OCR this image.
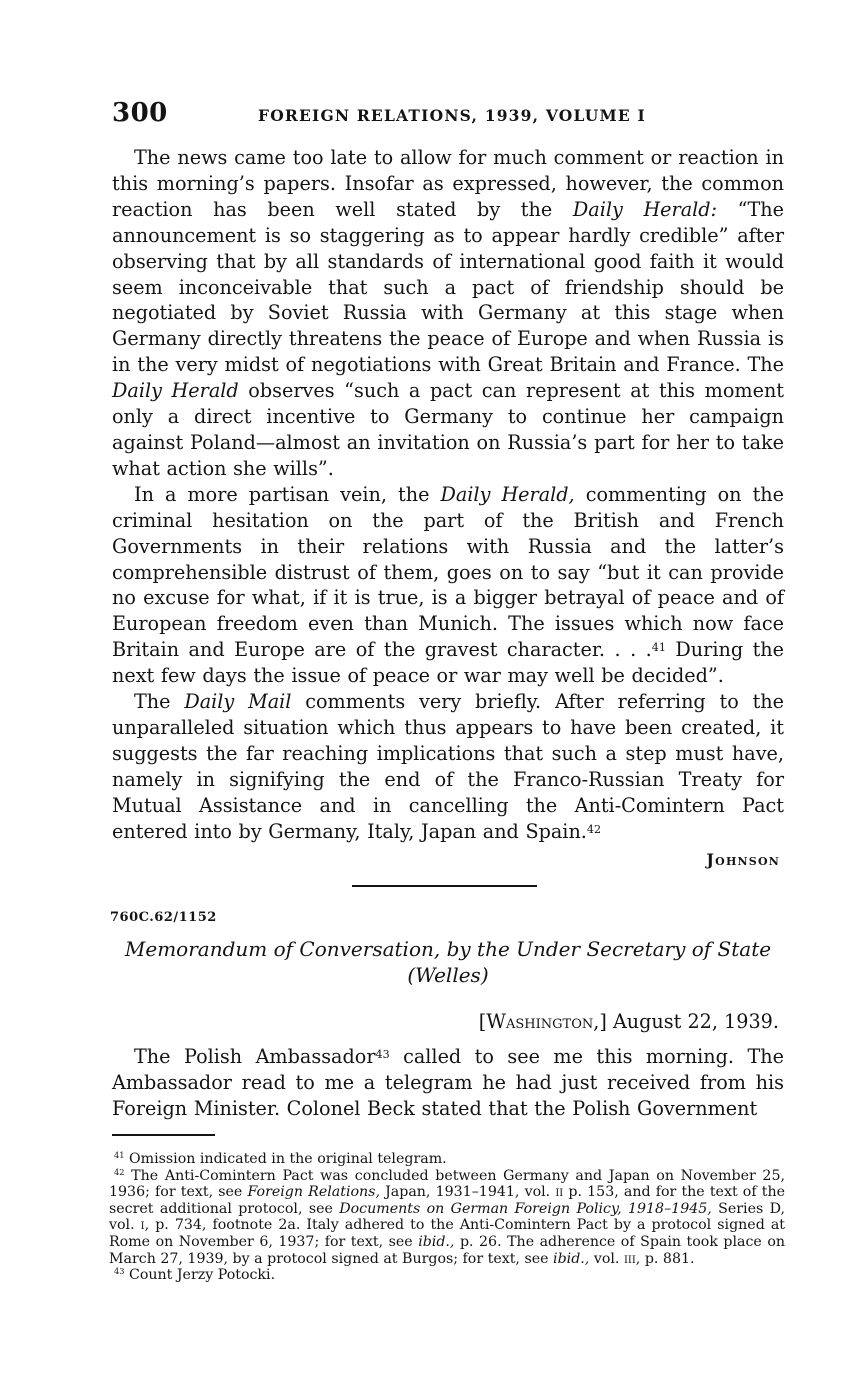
300	FOREIGN RELATIONS, 1939, VOLUME I

The news came too late to allow for much comment or reaction in this morning’s papers. Insofar as expressed, however, the common reaction has been well stated by the Daily Herald: “The announcement is so staggering as to appear hardly credible” after observing that by all standards of international good faith it would seem inconceivable that such a pact of friendship should be negotiated by Soviet Russia with Germany at this stage when Germany directly threatens the peace of Europe and when Russia is in the very midst of negotiations with Great Britain and France. The Daily Herald observes “such a pact can represent at this moment only a direct incentive to Germany to continue her campaign against Poland—almost an invitation on Russia’s part for her to take what action she wills”.

In a more partisan vein, the Daily Herald, commenting on the criminal hesitation on the part of the British and French Governments in their relations with Russia and the latter’s comprehensible distrust of them, goes on to say “but it can provide no excuse for what, if it is true, is a bigger betrayal of peace and of European freedom even than Munich. The issues which now face Britain and Europe are of the gravest character. . . .$^{41}$ During the next few days the issue of peace or war may well be decided”.

The Daily Mail comments very briefly. After referring to the unparalleled situation which thus appears to have been created, it suggests the far reaching implications that such a step must have, namely in signifying the end of the Franco-Russian Treaty for Mutual Assistance and in cancelling the Anti-Comintern Pact entered into by Germany, Italy, Japan and Spain.$^{42}$

Johnson
760C.62/1152
Memorandum of Conversation, by the Under Secretary of State
(Welles)
[Washington,] August 22, 1939.

The Polish Ambassador$^{43}$ called to see me this morning. The Ambassador read to me a telegram he had just received from his Foreign Minister. Colonel Beck stated that the Polish Government

$^{41}$ Omission indicated in the original telegram.

$^{42}$ The Anti-Comintern Pact was concluded between Germany and Japan on November 25, 1936; for text, see Foreign Relations, Japan, 1931–1941, vol. ii p. 153, and for the text of the secret additional protocol, see Documents on German Foreign Policy, 1918–1945, Series D, vol. i, p. 734, footnote 2a. Italy adhered to the Anti-Comintern Pact by a protocol signed at Rome on November 6, 1937; for text, see ibid., p. 26. The adherence of Spain took place on March 27, 1939, by a protocol signed at Burgos; for text, see ibid., vol. iii, p. 881.

$^{43}$ Count Jerzy Potocki.
